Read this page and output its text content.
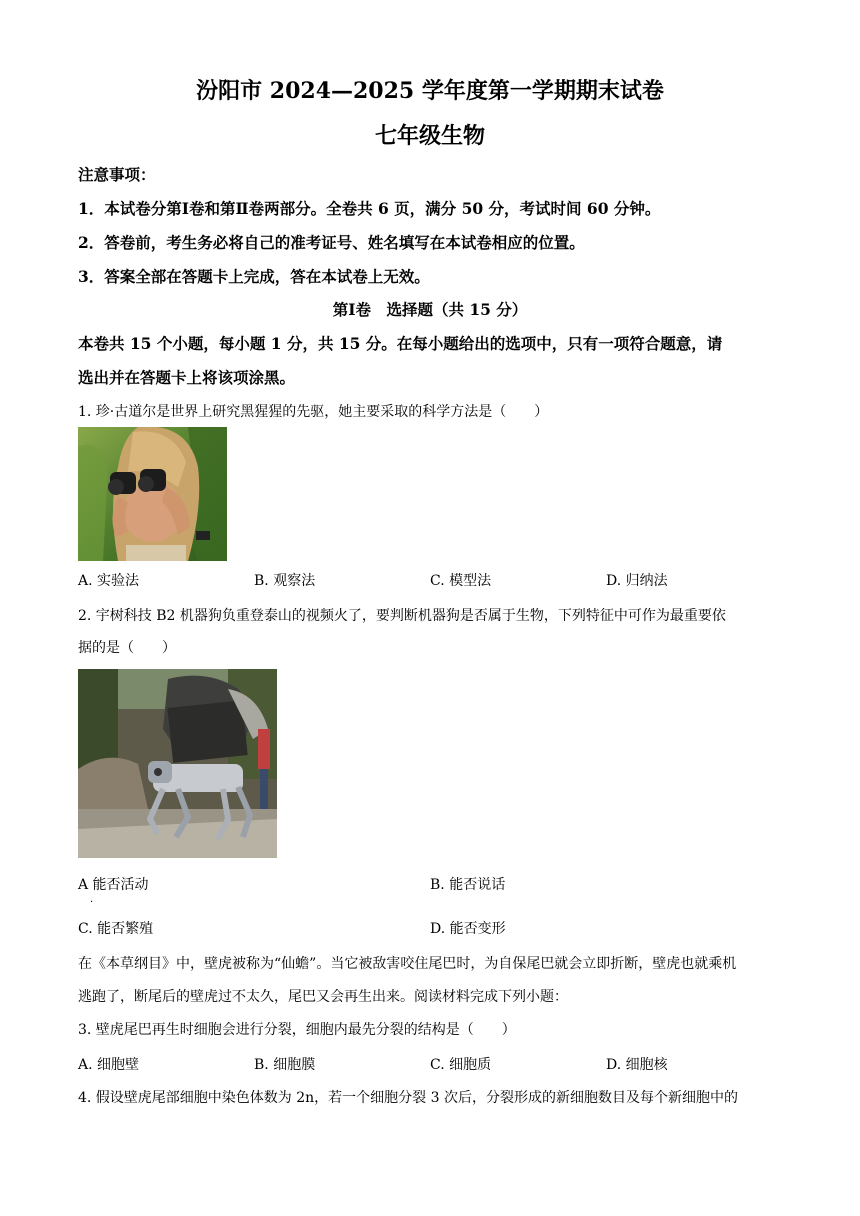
汾阳市 2024—2025 学年度第一学期期末试卷
七年级生物
注意事项：
1．本试卷分第Ⅰ卷和第Ⅱ卷两部分。全卷共 6 页，满分 50 分，考试时间 60 分钟。
2．答卷前，考生务必将自己的准考证号、姓名填写在本试卷相应的位置。
3．答案全部在答题卡上完成，答在本试卷上无效。
第Ⅰ卷　选择题（共 15 分）
本卷共 15 个小题，每小题 1 分，共 15 分。在每小题给出的选项中，只有一项符合题意，请
选出并在答题卡上将该项涂黑。
1. 珍·古道尔是世界上研究黑猩猩的先驱，她主要采取的科学方法是（　　）
A. 实验法	B. 观察法	C. 模型法	D. 归纳法
2. 宇树科技 B2 机器狗负重登泰山的视频火了，要判断机器狗是否属于生物，下列特征中可作为最重要依
据的是（　　）
A 能否活动
·
B. 能否说话
C. 能否繁殖	D. 能否变形
在《本草纲目》中，壁虎被称为“仙蟾”。当它被敌害咬住尾巴时，为自保尾巴就会立即折断，壁虎也就乘机
逃跑了，断尾后的壁虎过不太久，尾巴又会再生出来。阅读材料完成下列小题：
3. 壁虎尾巴再生时细胞会进行分裂，细胞内最先分裂的结构是（　　）
A. 细胞壁	B. 细胞膜	C. 细胞质	D. 细胞核
4. 假设壁虎尾部细胞中染色体数为 2n，若一个细胞分裂 3 次后，分裂形成的新细胞数目及每个新细胞中的
